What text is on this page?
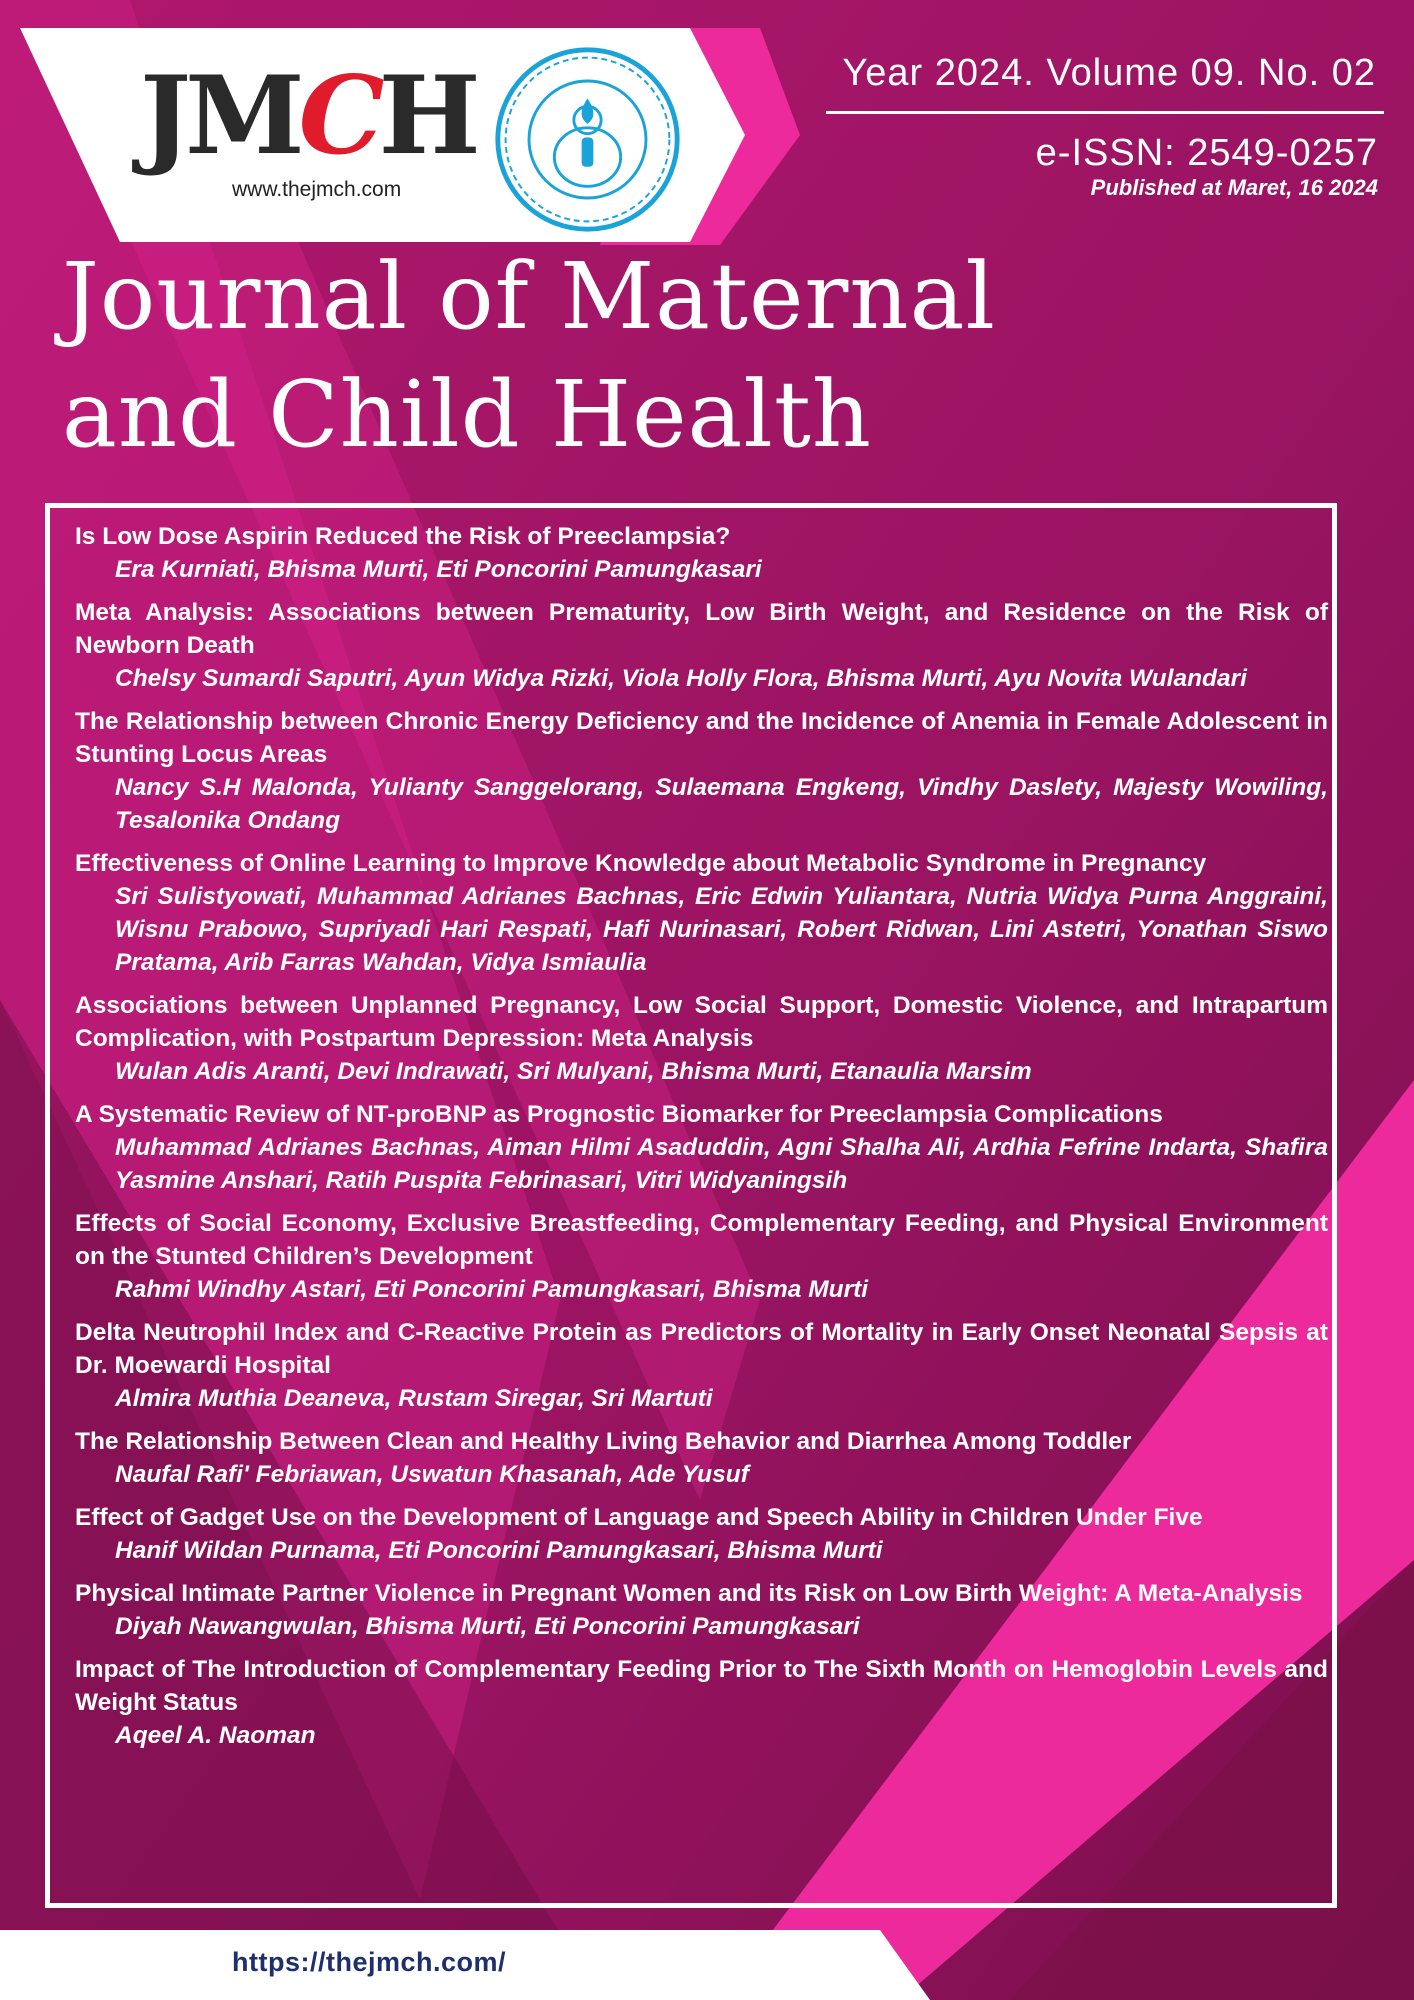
JMCH
www.thejmch.com
Year 2024. Volume 09. No. 02
e-ISSN: 2549-0257
Published at Maret, 16 2024
Journal of Maternal
and Child Health

Is Low Dose Aspirin Reduced the Risk of Preeclampsia?

Era Kurniati, Bhisma Murti, Eti Poncorini Pamungkasari

Meta Analysis: Associations between Prematurity, Low Birth Weight, and Residence on the Risk of Newborn Death

Chelsy Sumardi Saputri, Ayun Widya Rizki, Viola Holly Flora, Bhisma Murti, Ayu Novita Wulandari

The Relationship between Chronic Energy Deficiency and the Incidence of Anemia in Female Adolescent in Stunting Locus Areas

Nancy S.H Malonda, Yulianty Sanggelorang, Sulaemana Engkeng, Vindhy Daslety, Majesty Wowiling, Tesalonika Ondang

Effectiveness of Online Learning to Improve Knowledge about Metabolic Syndrome in Pregnancy

Sri Sulistyowati, Muhammad Adrianes Bachnas, Eric Edwin Yuliantara, Nutria Widya Purna Anggraini, Wisnu Prabowo, Supriyadi Hari Respati, Hafi Nurinasari, Robert Ridwan, Lini Astetri, Yonathan Siswo Pratama, Arib Farras Wahdan, Vidya Ismiaulia

Associations between Unplanned Pregnancy, Low Social Support, Domestic Violence, and Intrapartum Complication, with Postpartum Depression: Meta Analysis

Wulan Adis Aranti, Devi Indrawati, Sri Mulyani, Bhisma Murti, Etanaulia Marsim

A Systematic Review of NT-proBNP as Prognostic Biomarker for Preeclampsia Complications

Muhammad Adrianes Bachnas, Aiman Hilmi Asaduddin, Agni Shalha Ali, Ardhia Fefrine Indarta, Shafira Yasmine Anshari, Ratih Puspita Febrinasari, Vitri Widyaningsih

Effects of Social Economy, Exclusive Breastfeeding, Complementary Feeding, and Physical Environment on the Stunted Children’s Development

Rahmi Windhy Astari, Eti Poncorini Pamungkasari, Bhisma Murti

Delta Neutrophil Index and C-Reactive Protein as Predictors of Mortality in Early Onset Neonatal Sepsis at Dr. Moewardi Hospital

Almira Muthia Deaneva, Rustam Siregar, Sri Martuti

The Relationship Between Clean and Healthy Living Behavior and Diarrhea Among Toddler

Naufal Rafi' Febriawan, Uswatun Khasanah, Ade Yusuf

Effect of Gadget Use on the Development of Language and Speech Ability in Children Under Five

Hanif Wildan Purnama, Eti Poncorini Pamungkasari, Bhisma Murti

Physical Intimate Partner Violence in Pregnant Women and its Risk on Low Birth Weight: A Meta-Analysis

Diyah Nawangwulan, Bhisma Murti, Eti Poncorini Pamungkasari

Impact of The Introduction of Complementary Feeding Prior to The Sixth Month on Hemoglobin Levels and Weight Status

Aqeel A. Naoman

https://thejmch.com/
